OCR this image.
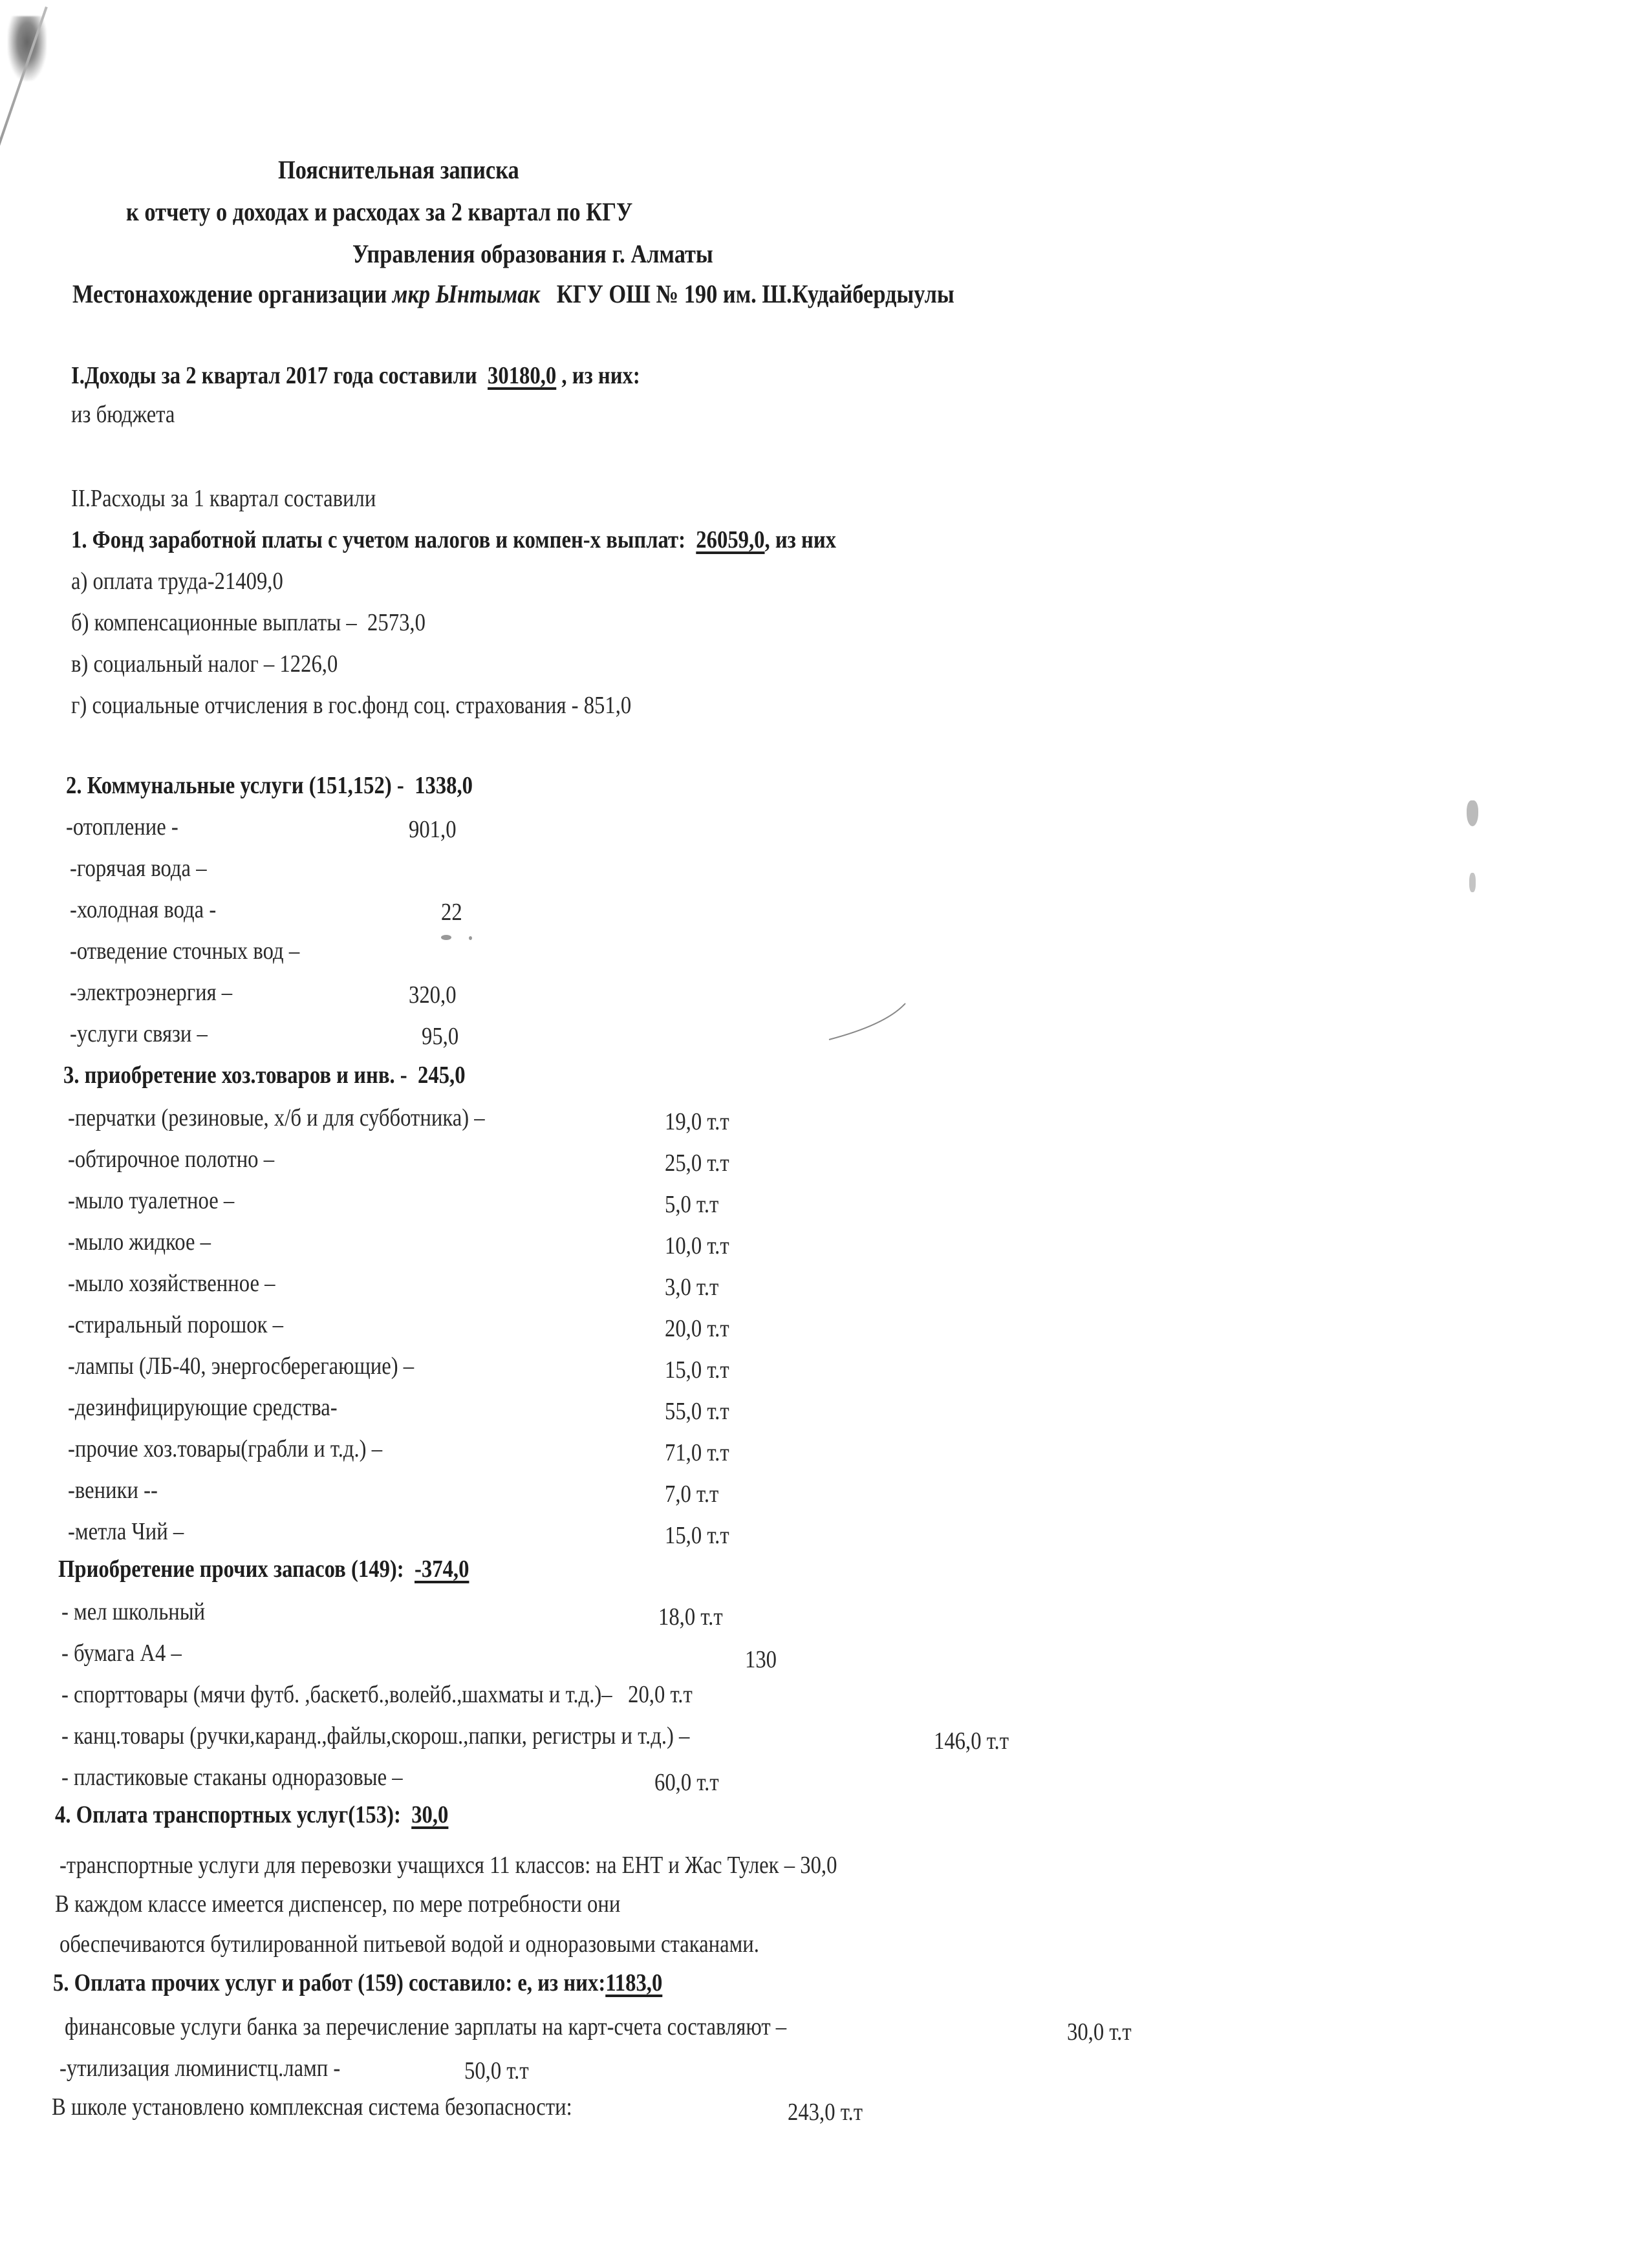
Пояснительная записка
к отчету о доходах и расходах за 2 квартал по КГУ
Управления образования г. Алматы
Местонахождение организации мкр Ынтымак КГУ ОШ № 190 им. Ш.Кудайбердыулы
I.Доходы за 2 квартал 2017 года составили 30180,0 , из них:
из бюджета
II.Расходы за 1 квартал составили
1. Фонд заработной платы с учетом налогов и компен-х выплат: 26059,0, из них
а) оплата труда-21409,0
б) компенсационные выплаты – 2573,0
в) социальный налог – 1226,0
г) социальные отчисления в гос.фонд соц. страхования - 851,0
2. Коммунальные услуги (151,152) - 1338,0
-отопление -	901,0
-горячая вода –
-холодная вода -	22
-отведение сточных вод –
-электроэнергия –	320,0
-услуги связи –	95,0
3. приобретение хоз.товаров и инв. - 245,0
-перчатки (резиновые, х/б и для субботника) –	19,0 т.т
-обтирочное полотно –	25,0 т.т
-мыло туалетное –	5,0 т.т
-мыло жидкое –	10,0 т.т
-мыло хозяйственное –	3,0 т.т
-стиральный порошок –	20,0 т.т
-лампы (ЛБ-40, энергосберегающие) –	15,0 т.т
-дезинфицирующие средства-	55,0 т.т
-прочие хоз.товары(грабли и т.д.) –	71,0 т.т
-веники --	7,0 т.т
-метла Чий –	15,0 т.т
Приобретение прочих запасов (149): -374,0
- мел школьный	18,0 т.т
- бумага А4 –	130
- спорттовары (мячи футб. ,баскетб.,волейб.,шахматы и т.д.)– 20,0 т.т
- канц.товары (ручки,каранд.,файлы,скорош.,папки, регистры и т.д.) –	146,0 т.т
- пластиковые стаканы одноразовые –	60,0 т.т
4. Оплата транспортных услуг(153): 30,0
-транспортные услуги для перевозки учащихся 11 классов: на ЕНТ и Жас Тулек – 30,0
В каждом классе имеется диспенсер, по мере потребности они
обеспечиваются бутилированной питьевой водой и одноразовыми стаканами.
5. Оплата прочих услуг и работ (159) составило: е, из них:1183,0
финансовые услуги банка за перечисление зарплаты на карт-счета составляют –	30,0 т.т
-утилизация люминистц.ламп -	50,0 т.т
В школе установлено комплексная система безопасности:	243,0 т.т
